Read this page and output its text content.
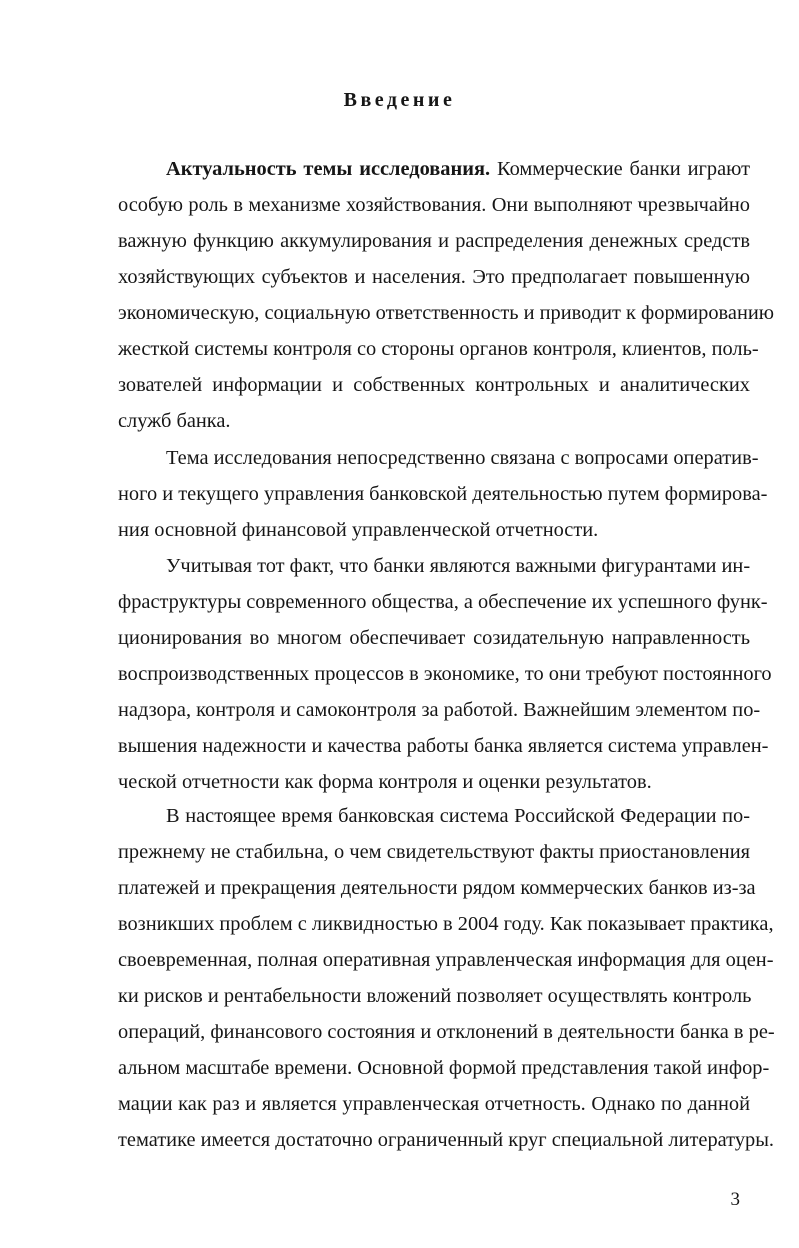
Введение
Актуальность темы исследования. Коммерческие банки играют
особую роль в механизме хозяйствования. Они выполняют чрезвычайно
важную функцию аккумулирования и распределения денежных средств
хозяйствующих субъектов и населения. Это предполагает повышенную
экономическую, социальную ответственность и приводит к формированию
жесткой системы контроля со стороны органов контроля, клиентов, поль-
зователей информации и собственных контрольных и аналитических
служб банка.
Тема исследования непосредственно связана с вопросами оператив-
ного и текущего управления банковской деятельностью путем формирова-
ния основной финансовой управленческой отчетности.
Учитывая тот факт, что банки являются важными фигурантами ин-
фраструктуры современного общества, а обеспечение их успешного функ-
ционирования во многом обеспечивает созидательную направленность
воспроизводственных процессов в экономике, то они требуют постоянного
надзора, контроля и самоконтроля за работой. Важнейшим элементом по-
вышения надежности и качества работы банка является система управлен-
ческой отчетности как форма контроля и оценки результатов.
В настоящее время банковская система Российской Федерации по-
прежнему не стабильна, о чем свидетельствуют факты приостановления
платежей и прекращения деятельности рядом коммерческих банков из-за
возникших проблем с ликвидностью в 2004 году. Как показывает практика,
своевременная, полная оперативная управленческая информация для оцен-
ки рисков и рентабельности вложений позволяет осуществлять контроль
операций, финансового состояния и отклонений в деятельности банка в ре-
альном масштабе времени. Основной формой представления такой инфор-
мации как раз и является управленческая отчетность. Однако по данной
тематике имеется достаточно ограниченный круг специальной литературы.
3
